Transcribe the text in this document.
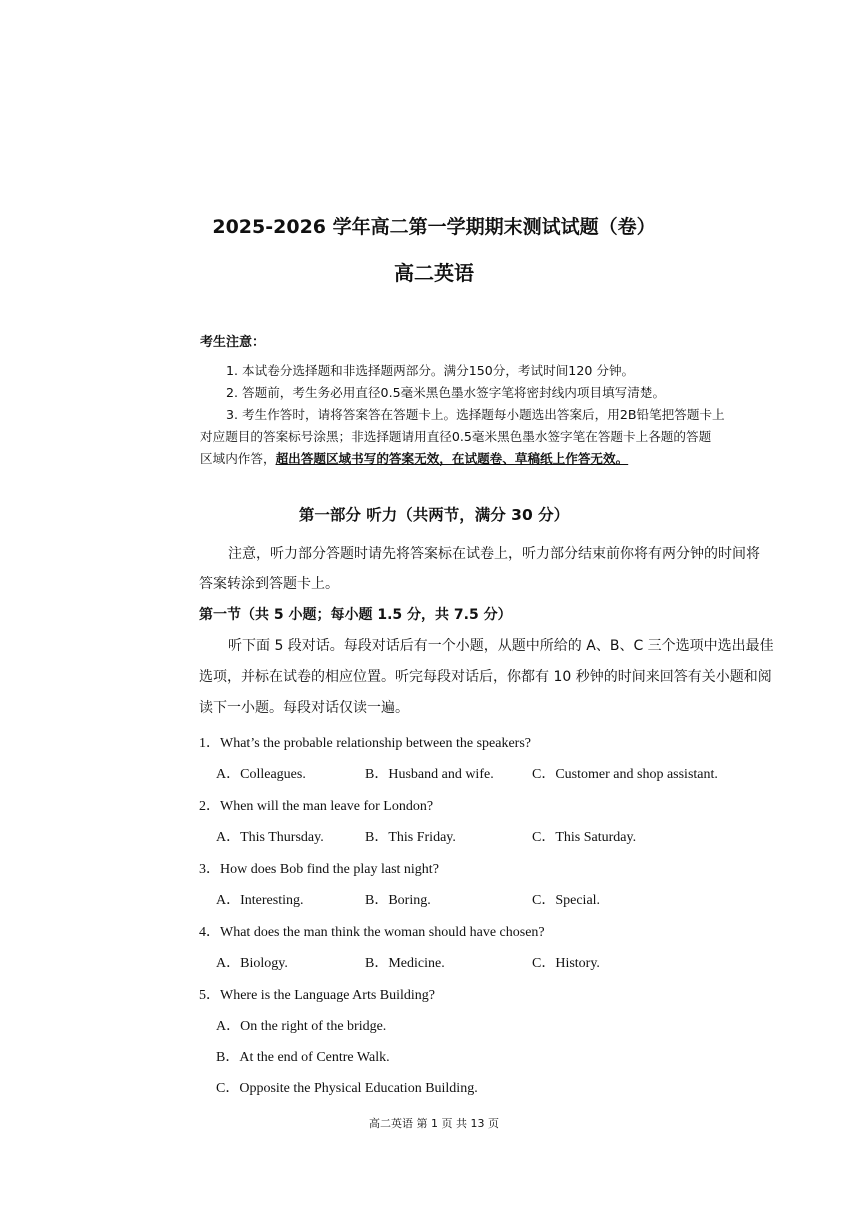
2025-2026 学年高二第一学期期末测试试题（卷）
高二英语
考生注意：
1. 本试卷分选择题和非选择题两部分。满分150分，考试时间120 分钟。
2. 答题前，考生务必用直径0.5毫米黑色墨水签字笔将密封线内项目填写清楚。
3. 考生作答时，请将答案答在答题卡上。选择题每小题选出答案后，用2B铅笔把答题卡上
对应题目的答案标号涂黑；非选择题请用直径0.5毫米黑色墨水签字笔在答题卡上各题的答题
区域内作答，超出答题区域书写的答案无效，在试题卷、草稿纸上作答无效。
第一部分 听力（共两节，满分 30 分）
注意，听力部分答题时请先将答案标在试卷上，听力部分结束前你将有两分钟的时间将
答案转涂到答题卡上。
第一节（共 5 小题；每小题 1.5 分，共 7.5 分）
听下面 5 段对话。每段对话后有一个小题，从题中所给的 A、B、C 三个选项中选出最佳
选项，并标在试卷的相应位置。听完每段对话后，你都有 10 秒钟的时间来回答有关小题和阅
读下一小题。每段对话仅读一遍。
1．What’s the probable relationship between the speakers?
A．Colleagues.	B．Husband and wife.	C．Customer and shop assistant.
2．When will the man leave for London?
A．This Thursday.	B．This Friday.	C．This Saturday.
3．How does Bob find the play last night?
A．Interesting.	B．Boring.	C．Special.
4．What does the man think the woman should have chosen?
A．Biology.	B．Medicine.	C．History.
5．Where is the Language Arts Building?
A．On the right of the bridge.
B．At the end of Centre Walk.
C．Opposite the Physical Education Building.
高二英语 第 1 页 共 13 页
